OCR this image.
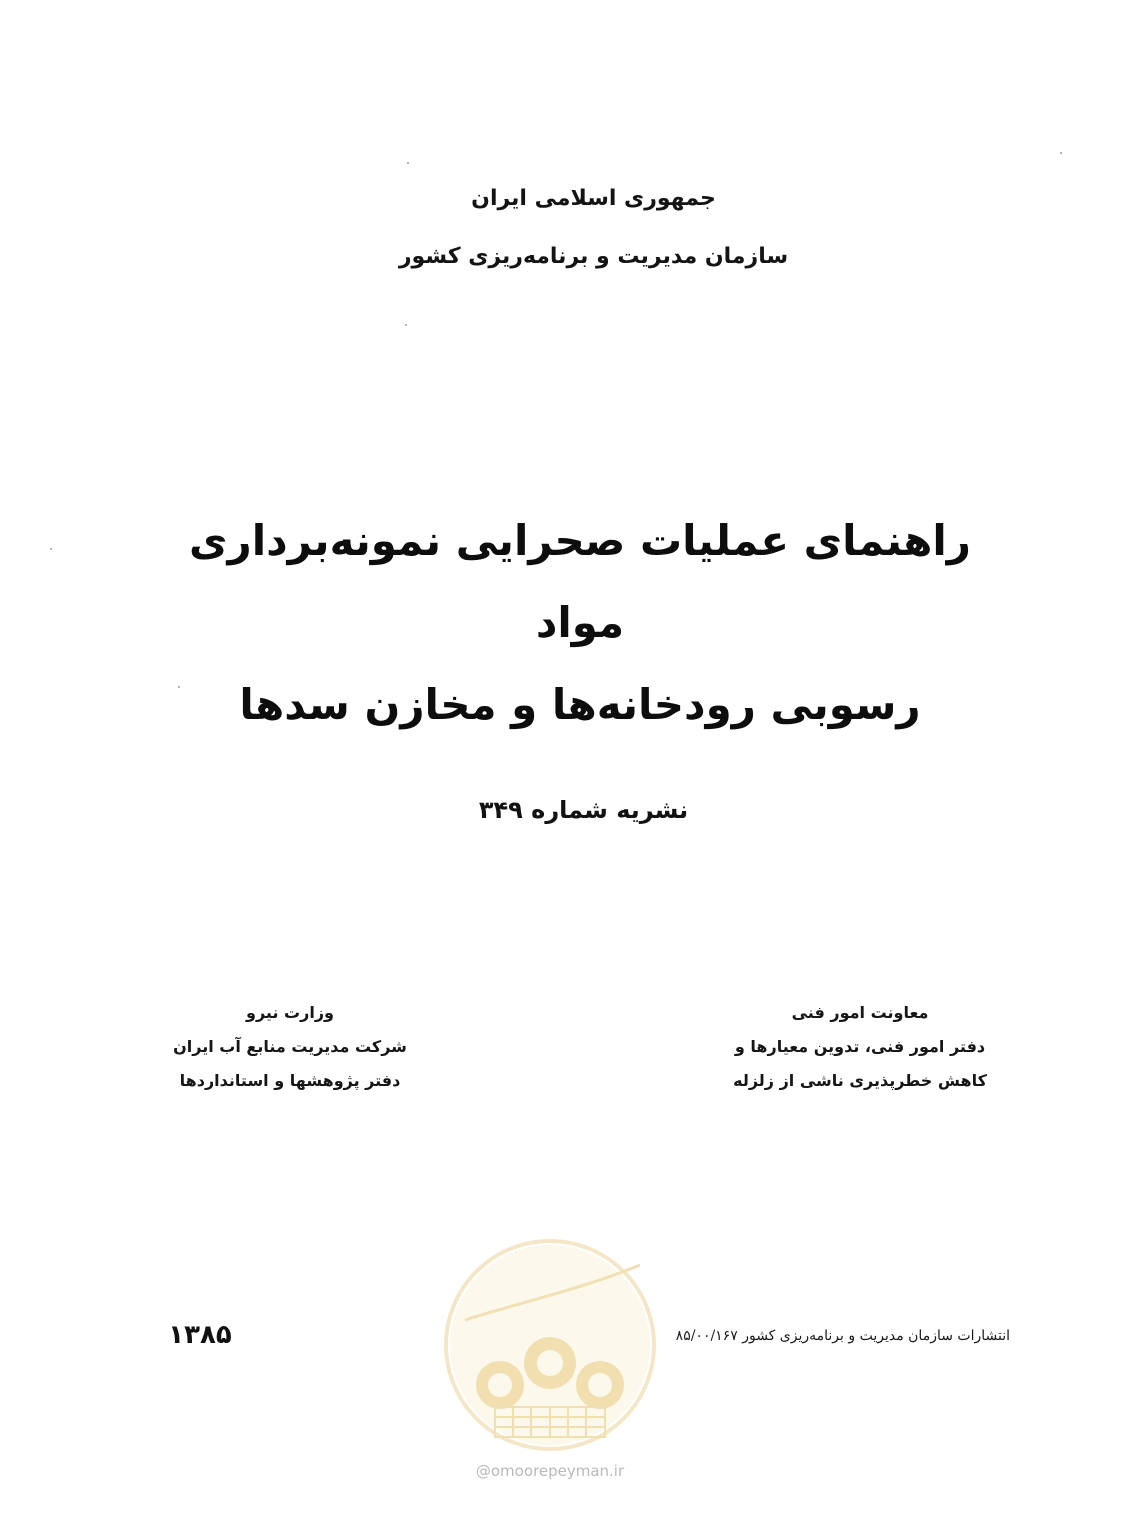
جمهوری اسلامی ایران
سازمان مدیریت و برنامه‌ریزی کشور
راهنمای عملیات صحرایی نمونه‌برداری مواد
رسوبی رودخانه‌ها و مخازن سدها
نشریه شماره ۳۴۹
معاونت امور فنی
دفتر امور فنی، تدوین معیارها و
کاهش خطرپذیری ناشی از زلزله
وزارت نیرو
شرکت مدیریت منابع آب ایران
دفتر پژوهشها و استانداردها
انتشارات سازمان مدیریت و برنامه‌ریزی کشور ۸۵/۰۰/۱۶۷
۱۳۸۵
@omoorepeyman.ir
